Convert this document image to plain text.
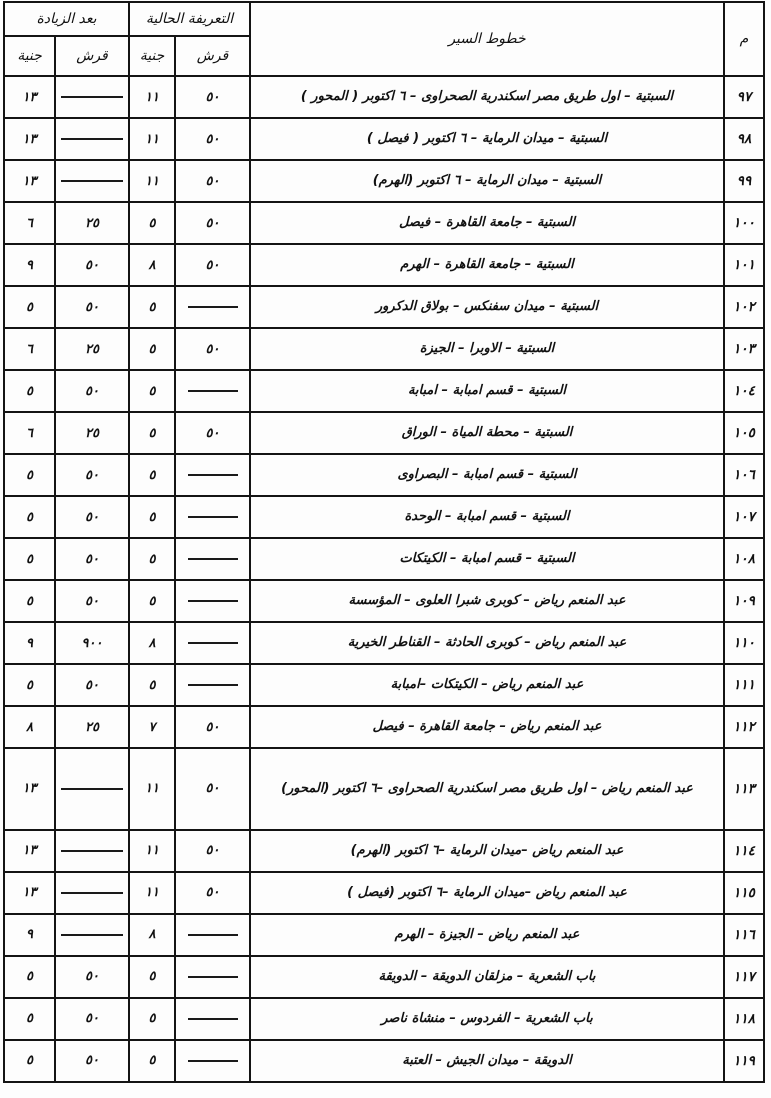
م	خطوط السير	التعريفة الحالية		بعد الزيادة	
		قرش	جنية	قرش	جنية
٩٧	السبتية – اول طريق مصر اسكندرية الصحراوى – ٦ اكتوبر ( المحور )	٥٠	١١		١٣
٩٨	السبتية – ميدان الرماية – ٦ اكتوبر ( فيصل )	٥٠	١١		١٣
٩٩	السبتية – ميدان الرماية – ٦ اكتوبر (الهرم)	٥٠	١١		١٣
١٠٠	السبتية – جامعة القاهرة – فيصل	٥٠	٥	٢٥	٦
١٠١	السبتية – جامعة القاهرة – الهرم	٥٠	٨	٥٠	٩
١٠٢	السبتية – ميدان سفنكس – بولاق الدكرور		٥	٥٠	٥
١٠٣	السبتية – الاوبرا – الجيزة	٥٠	٥	٢٥	٦
١٠٤	السبتية – قسم امبابة – امبابة		٥	٥٠	٥
١٠٥	السبتية – محطة المياة – الوراق	٥٠	٥	٢٥	٦
١٠٦	السبتية – قسم امبابة – البصراوى		٥	٥٠	٥
١٠٧	السبتية – قسم امبابة – الوحدة		٥	٥٠	٥
١٠٨	السبتية – قسم امبابة – الكيتكات		٥	٥٠	٥
١٠٩	عبد المنعم رياض – كوبرى شبرا العلوى – المؤسسة		٥	٥٠	٥
١١٠	عبد المنعم رياض – كوبرى الحادثة – القناطر الخيرية		٨	٩٠٠	٩
١١١	عبد المنعم رياض – الكيتكات –امبابة		٥	٥٠	٥
١١٢	عبد المنعم رياض – جامعة القاهرة – فيصل	٥٠	٧	٢٥	٨
١١٣	عبد المنعم رياض – اول طريق مصر اسكندرية الصحراوى –٦ اكتوبر (المحور)	٥٠	١١		١٣
١١٤	عبد المنعم رياض –ميدان الرماية –٦ اكتوبر (الهرم)	٥٠	١١		١٣
١١٥	عبد المنعم رياض –ميدان الرماية –٦ اكتوبر (فيصل )	٥٠	١١		١٣
١١٦	عبد المنعم رياض – الجيزة – الهرم		٨		٩
١١٧	باب الشعرية – مزلقان الدويقة – الدويقة		٥	٥٠	٥
١١٨	باب الشعرية – الفردوس – منشاة ناصر		٥	٥٠	٥
١١٩	الدويقة – ميدان الجيش – العتبة		٥	٥٠	٥
